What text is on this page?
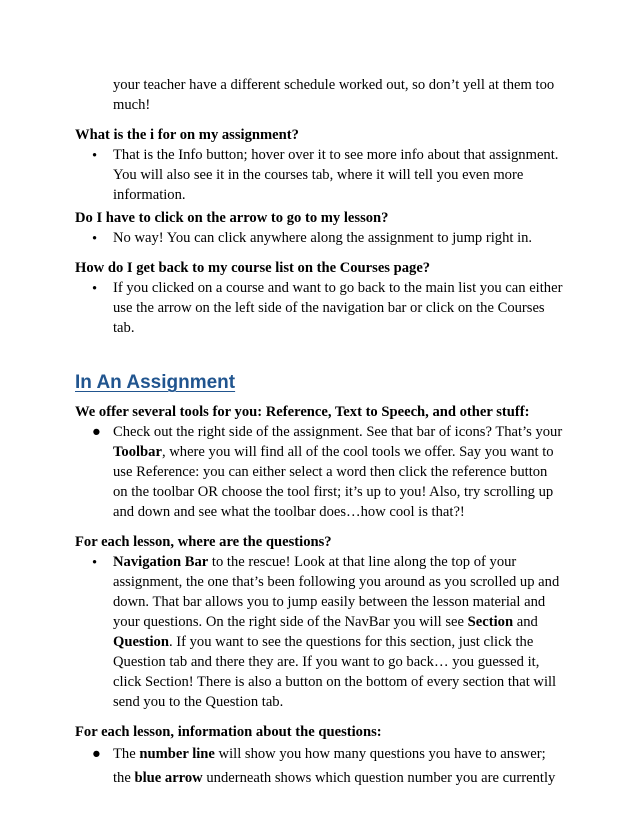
your teacher have a different schedule worked out, so don’t yell at them too
much!
What is the i for on my assignment?
• That is the Info button; hover over it to see more info about that assignment.
You will also see it in the courses tab, where it will tell you even more
information.
Do I have to click on the arrow to go to my lesson?
• No way! You can click anywhere along the assignment to jump right in.
How do I get back to my course list on the Courses page?
• If you clicked on a course and want to go back to the main list you can either
use the arrow on the left side of the navigation bar or click on the Courses
tab.
In An Assignment
We offer several tools for you: Reference, Text to Speech, and other stuff:
● Check out the right side of the assignment. See that bar of icons? That’s your
Toolbar, where you will find all of the cool tools we offer. Say you want to
use Reference: you can either select a word then click the reference button
on the toolbar OR choose the tool first; it’s up to you! Also, try scrolling up
and down and see what the toolbar does…how cool is that?!
For each lesson, where are the questions?
• Navigation Bar to the rescue! Look at that line along the top of your
assignment, the one that’s been following you around as you scrolled up and
down. That bar allows you to jump easily between the lesson material and
your questions. On the right side of the NavBar you will see Section and
Question. If you want to see the questions for this section, just click the
Question tab and there they are. If you want to go back… you guessed it,
click Section! There is also a button on the bottom of every section that will
send you to the Question tab.
For each lesson, information about the questions:
● The number line will show you how many questions you have to answer;
the blue arrow underneath shows which question number you are currently
